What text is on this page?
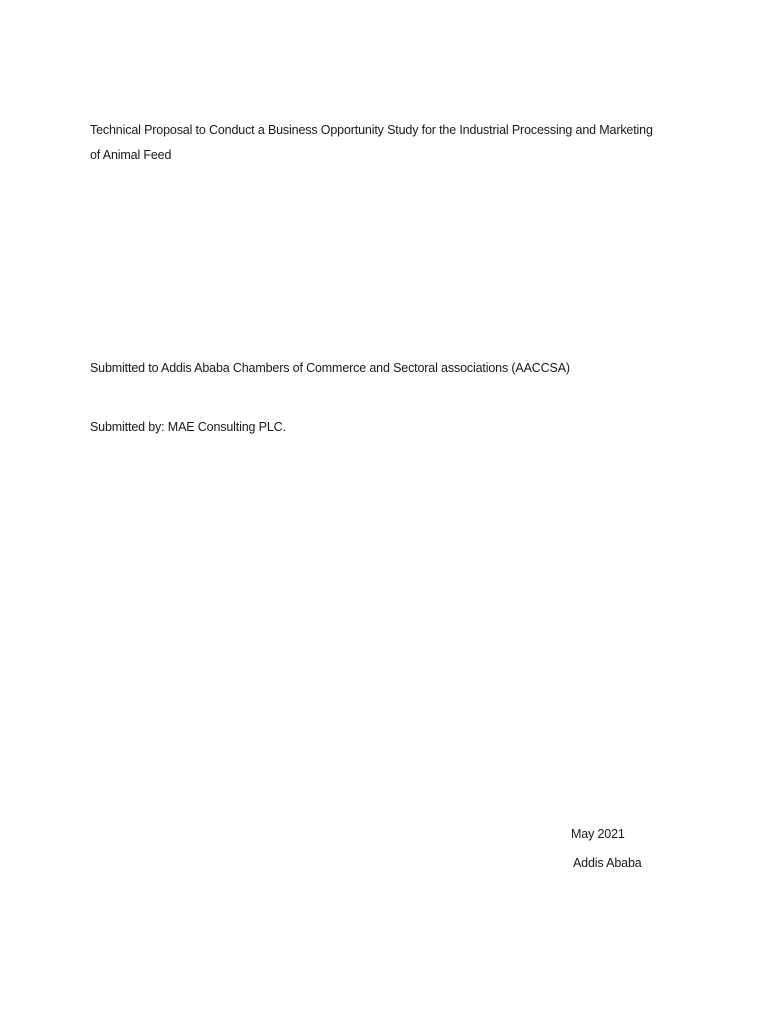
Technical Proposal to Conduct a Business Opportunity Study for the Industrial Processing and Marketing
of Animal Feed
Submitted to Addis Ababa Chambers of Commerce and Sectoral associations (AACCSA)
Submitted by: MAE Consulting PLC.
May 2021
Addis Ababa
